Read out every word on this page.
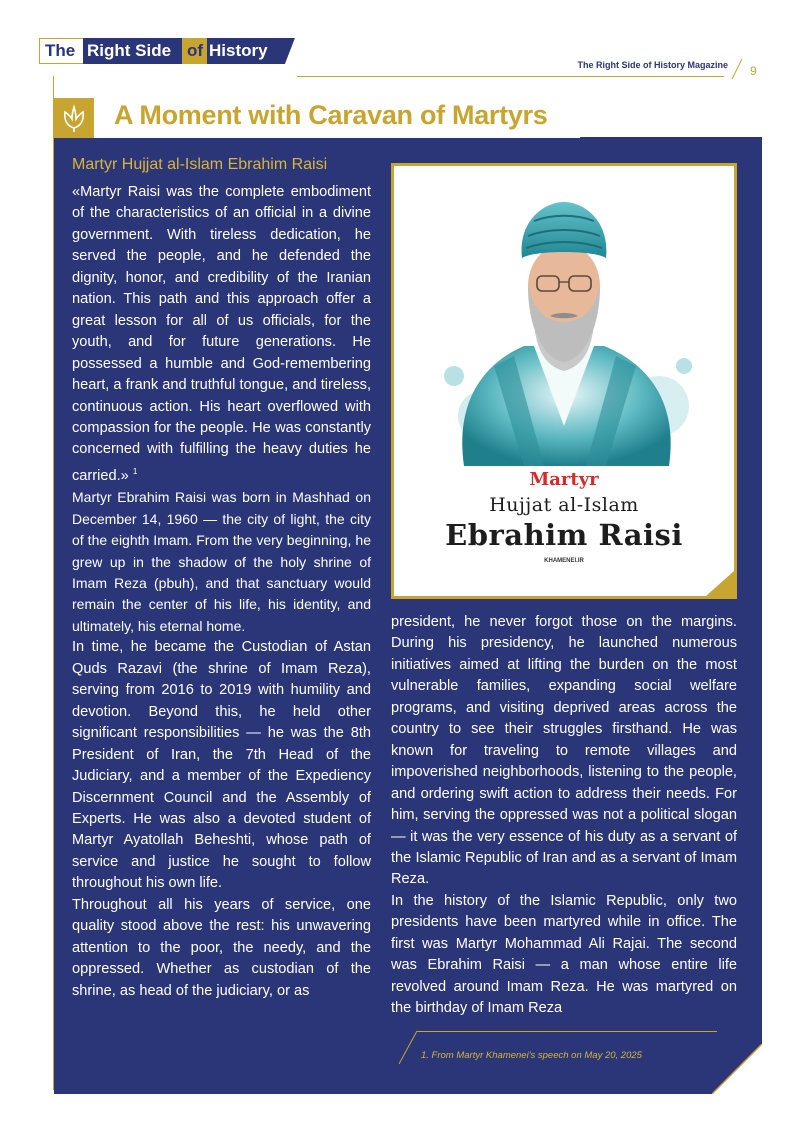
The Right Side of History
The Right Side of History Magazine 9
A Moment with Caravan of Martyrs
Martyr
Hujjat al-Islam
Ebrahim Raisi
KHAMENEI.IR
Martyr Hujjat al-Islam Ebrahim Raisi

«Martyr Raisi was the complete embodiment of the characteristics of an official in a divine government. With tireless dedication, he served the people, and he defended the dignity, honor, and credibility of the Iranian nation. This path and this approach offer a great lesson for all of us officials, for the youth, and for future generations. He possessed a humble and God-remembering heart, a frank and truthful tongue, and tireless, continuous action. His heart overflowed with compassion for the people. He was constantly concerned with fulfilling the heavy duties he carried.» $^1$

Martyr Ebrahim Raisi was born in Mashhad on December 14, 1960 — the city of light, the city of the eighth Imam. From the very beginning, he grew up in the shadow of the holy shrine of Imam Reza (pbuh), and that sanctuary would remain the center of his life, his identity, and ultimately, his eternal home.

In time, he became the Custodian of Astan Quds Razavi (the shrine of Imam Reza), serving from 2016 to 2019 with humility and devotion. Beyond this, he held other significant responsibilities — he was the 8th President of Iran, the 7th Head of the Judiciary, and a member of the Expediency Discernment Council and the Assembly of Experts. He was also a devoted student of Martyr Ayatollah Beheshti, whose path of service and justice he sought to follow throughout his own life.

Throughout all his years of service, one quality stood above the rest: his unwavering attention to the poor, the needy, and the oppressed. Whether as custodian of the shrine, as head of the judiciary, or as

president, he never forgot those on the margins. During his presidency, he launched numerous initiatives aimed at lifting the burden on the most vulnerable families, expanding social welfare programs, and visiting deprived areas across the country to see their struggles firsthand. He was known for traveling to remote villages and impoverished neighborhoods, listening to the people, and ordering swift action to address their needs. For him, serving the oppressed was not a political slogan — it was the very essence of his duty as a servant of the Islamic Republic of Iran and as a servant of Imam Reza.

In the history of the Islamic Republic, only two presidents have been martyred while in office. The first was Martyr Mohammad Ali Rajai. The second was Ebrahim Raisi — a man whose entire life revolved around Imam Reza. He was martyred on the birthday of Imam Reza

1. From Martyr Khamenei's speech on May 20, 2025
